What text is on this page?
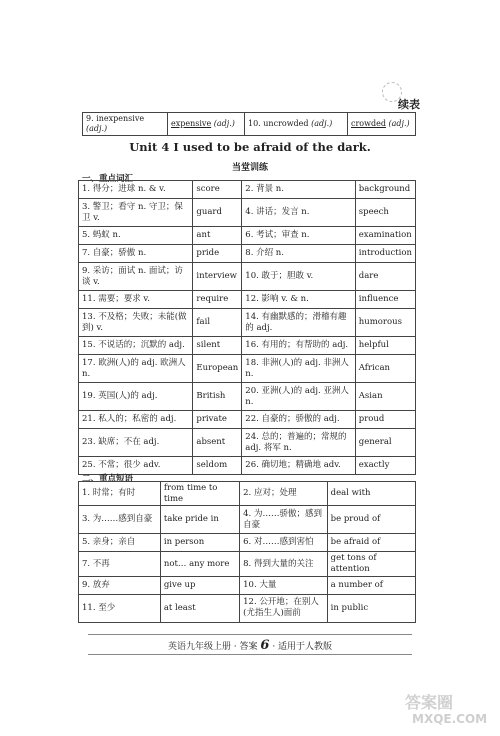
续表
9. inexpensive (adj.)	expensive (adj.)	10. uncrowded (adj.)	crowded (adj.)
Unit 4 I used to be afraid of the dark.
当堂训练
一、重点词汇
1. 得分；进球 n. & v.	score	2. 背景 n.	background
3. 警卫；看守 n. 守卫；保卫 v.	guard	4. 讲话；发言 n.	speech
5. 蚂蚁 n.	ant	6. 考试；审查 n.	examination
7. 自豪；骄傲 n.	pride	8. 介绍 n.	introduction
9. 采访；面试 n. 面试；访谈 v.	interview	10. 敢于；胆敢 v.	dare
11. 需要；要求 v.	require	12. 影响 v. & n.	influence
13. 不及格；失败；未能(做到) v.	fail	14. 有幽默感的；滑稽有趣的 adj.	humorous
15. 不说话的；沉默的 adj.	silent	16. 有用的；有帮助的 adj.	helpful
17. 欧洲(人)的 adj. 欧洲人 n.	European	18. 非洲(人)的 adj. 非洲人 n.	African
19. 英国(人)的 adj.	British	20. 亚洲(人)的 adj. 亚洲人 n.	Asian
21. 私人的；私密的 adj.	private	22. 自豪的；骄傲的 adj.	proud
23. 缺席；不在 adj.	absent	24. 总的；普遍的；常规的 adj. 将军 n.	general
25. 不常；很少 adv.	seldom	26. 确切地；精确地 adv.	exactly
二、重点短语
1. 时常；有时	from time to time	2. 应对；处理	deal with
3. 为……感到自豪	take pride in	4. 为……骄傲；感到自豪	be proud of
5. 亲身；亲自	in person	6. 对……感到害怕	be afraid of
7. 不再	not… any more	8. 得到大量的关注	get tons of attention
9. 放弃	give up	10. 大量	a number of
11. 至少	at least	12. 公开地；在别人(尤指生人)面前	in public
英语九年级上册 · 答案 6 · 适用于人教版
答案圈
MXQE.COM
